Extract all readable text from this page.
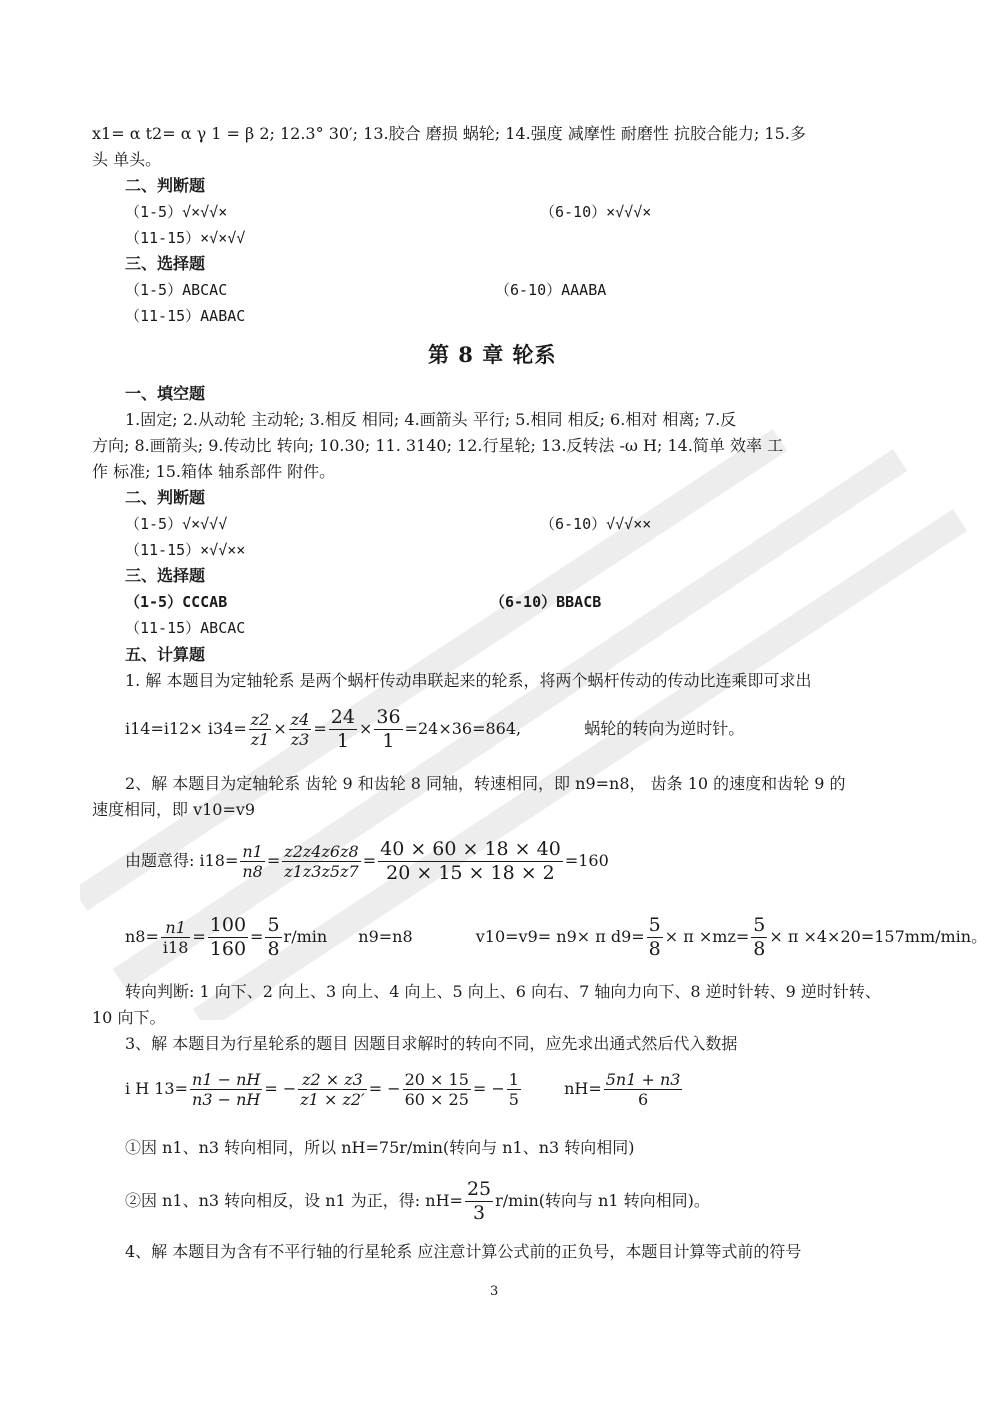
x1= α t2= α γ 1 = β 2; 12.3° 30′; 13.胶合 磨损 蜗轮; 14.强度 减摩性 耐磨性 抗胶合能力; 15.多
头 单头。
二、判断题
（1-5）√×√√×	（6-10）×√√√×
（11-15）×√×√√
三、选择题
（1-5）ABCAC	（6-10）AAABA
（11-15）AABAC
第 8 章 轮系
一、填空题
1.固定; 2.从动轮 主动轮; 3.相反 相同; 4.画箭头 平行; 5.相同 相反; 6.相对 相离; 7.反
方向; 8.画箭头; 9.传动比 转向; 10.30; 11. 3140; 12.行星轮; 13.反转法 -ω H; 14.简单 效率 工
作 标准; 15.箱体 轴系部件 附件。
二、判断题
（1-5）√×√√√	（6-10）√√√××
（11-15）×√√××
三、选择题
（1-5）CCCAB	（6-10）BBACB
（11-15）ABCAC
五、计算题
1. 解 本题目为定轴轮系 是两个蜗杆传动串联起来的轮系，将两个蜗杆传动的传动比连乘即可求出
$i14=i12\times i34= \frac{z2}{z1} \times \frac{z4}{z3} = \frac{24}{1} \times \frac{36}{1} =24\times 36=864$,	蜗轮的转向为逆时针。
2、解 本题目为定轴轮系 齿轮 9 和齿轮 8 同轴，转速相同，即 n9=n8， 齿条 10 的速度和齿轮 9 的
速度相同，即 v10=v9
由题意得: $i18= \frac{n1}{n8} = \frac{z2z4z6z8}{z1z3z5z7} = \frac{40 \times 60 \times 18 \times 40}{20 \times 15 \times 18 \times 2} =160$
$n8= \frac{n1}{i18} = \frac{100}{160} = \frac{5}{8} r/\min$ n9=n8	v10=v9= n9× π $d9= \frac{5}{8} \times \pi \times mz= \frac{5}{8} \times \pi \times 4\times 20=157mm/\min$。
转向判断: 1 向下、2 向上、3 向上、4 向上、5 向上、6 向右、7 轴向力向下、8 逆时针转、9 逆时针转、
10 向下。
3、解 本题目为行星轮系的题目 因题目求解时的转向不同，应先求出通式然后代入数据
i H $13= \frac{n1 - nH}{n3 - nH}$ = − $\frac{z2 \times z3}{z1 \times z2'}$ = − $\frac{20 \times 15}{60 \times 25}$ = − $\frac{1}{5}$	$nH= \frac{5n1 + n3}{6}$
①因 n1、n3 转向相同，所以 nH=75r/min(转向与 n1、n3 转向相同)
②因 n1、n3 转向相反，设 n1 为正，得: $nH= \frac{25}{3} r/\min$(转向与 n1 转向相同)。
4、解 本题目为含有不平行轴的行星轮系 应注意计算公式前的正负号，本题目计算等式前的符号
3
